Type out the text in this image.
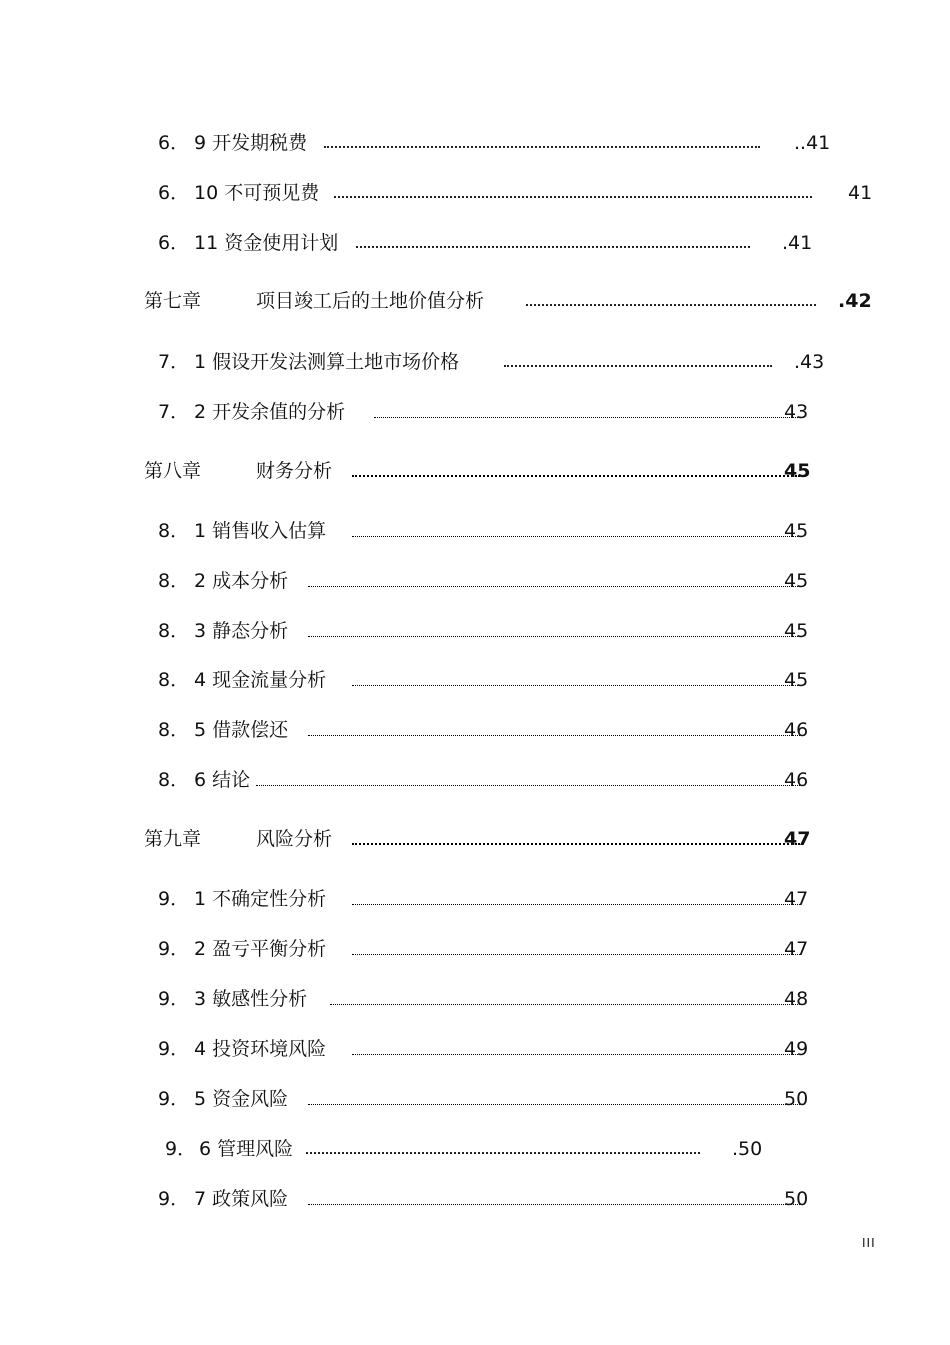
6． 9 开发期税费	..41
6． 10 不可预见费	41
6． 11 资金使用计划	.41
第七章	项目竣工后的土地价值分析	.42
7． 1 假设开发法测算土地市场价格	.43
7． 2 开发余值的分析	43
第八章	财务分析	45
8． 1 销售收入估算	45
8． 2 成本分析	45
8． 3 静态分析	45
8． 4 现金流量分析	45
8． 5 借款偿还	46
8． 6 结论	46
第九章	风险分析	47
9． 1 不确定性分析	47
9． 2 盈亏平衡分析	47
9． 3 敏感性分析	48
9． 4 投资环境风险	49
9． 5 资金风险	50
9． 6 管理风险	.50
9． 7 政策风险	50
III
